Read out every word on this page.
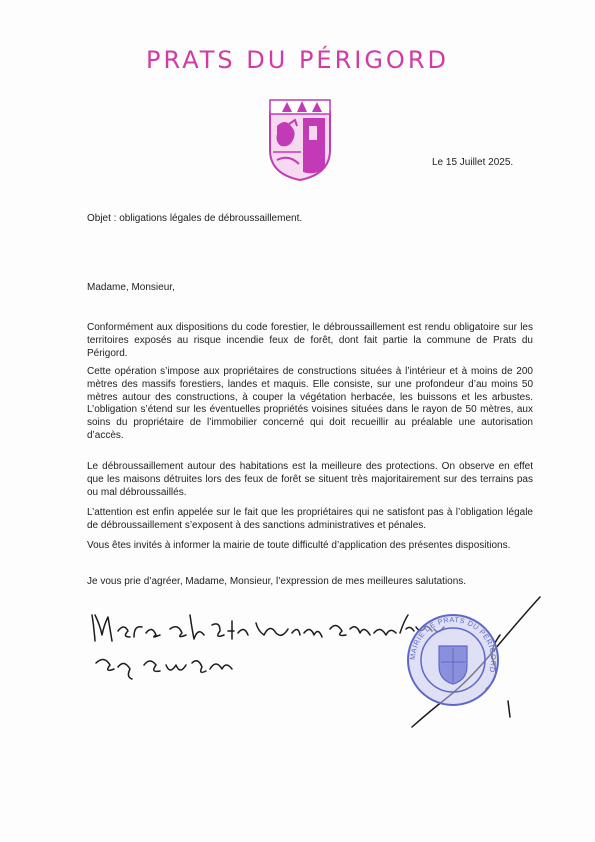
PRATS DU PÉRIGORD
Le 15 Juillet 2025.
Objet : obligations légales de débroussaillement.
Madame, Monsieur,

Conformément aux dispositions du code forestier, le débroussaillement est rendu obligatoire sur les territoires exposés au risque incendie feux de forêt, dont fait partie la commune de Prats du Périgord.

Cette opération s’impose aux propriétaires de constructions situées à l’intérieur et à moins de 200 mètres des massifs forestiers, landes et maquis. Elle consiste, sur une profondeur d’au moins 50 mètres autour des constructions, à couper la végétation herbacée, les buissons et les arbustes. L’obligation s’étend sur les éventuelles propriétés voisines situées dans le rayon de 50 mètres, aux soins du propriétaire de l’immobilier concerné qui doit recueillir au préalable une autorisation d’accès.

Le débroussaillement autour des habitations est la meilleure des protections. On observe en effet que les maisons détruites lors des feux de forêt se situent très majoritairement sur des terrains pas ou mal débroussaillés.

L’attention est enfin appelée sur le fait que les propriétaires qui ne satisfont pas à l’obligation légale de débroussaillement s’exposent à des sanctions administratives et pénales.

Vous êtes invités à informer la mairie de toute difficulté d’application des présentes dispositions.

Je vous prie d’agréer, Madame, Monsieur, l’expression de mes meilleures salutations.

MAIRIE DE PRATS DU PÉRIGORD
